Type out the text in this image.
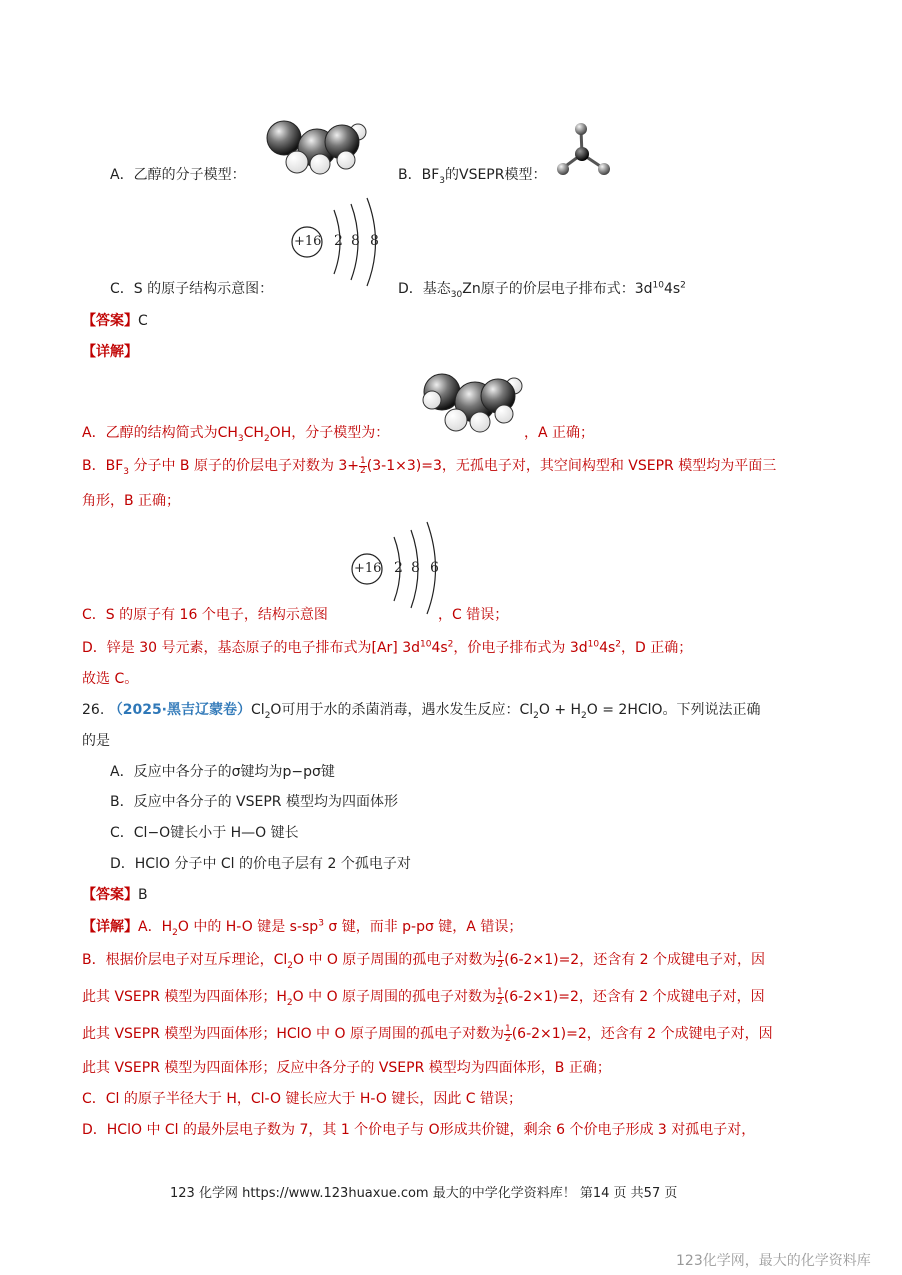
A．乙醇的分子模型：	B．$BF_3$的VSEPR模型：
+16 2 8 8
C．S 的原子结构示意图：	D．基态$_{30}$Zn原子的价层电子排布式：$3d^{10}4s^2$
【答案】C
【详解】
A．乙醇的结构简式为$CH_3CH_2OH$，分子模型为：	，A 正确；
B．$BF_3$ 分子中 B 原子的价层电子对数为 $3+ \frac{1}{2} (3-1\times 3)=3$，无孤电子对，其空间构型和 VSEPR 模型均为平面三
角形，B 正确；
+16 2 8 6
C．S 的原子有 16 个电子，结构示意图	，C 错误；
D．锌是 30 号元素，基态原子的电子排布式为[Ar] $3d^{10}4s^2$，价电子排布式为 $3d^{10}4s^2$，D 正确；
故选 C。
26. （2025·黑吉辽蒙卷）$Cl_2O$可用于水的杀菌消毒，遇水发生反应：$Cl_2O + H_2O$ = 2HClO。下列说法正确
的是
A．反应中各分子的σ键均为p−pσ键
B．反应中各分子的 VSEPR 模型均为四面体形
C．Cl−O键长小于 H—O 键长
D．HClO 分子中 Cl 的价电子层有 2 个孤电子对
【答案】B
【详解】A．$H_2O$ 中的 H-O 键是 $s-sp^3$ σ 键，而非 p-pσ 键，A 错误；
B．根据价层电子对互斥理论，$Cl_2O$ 中 O 原子周围的孤电子对数为 $\frac{1}{2} (6-2\times 1)=2$，还含有 2 个成键电子对，因
此其 VSEPR 模型为四面体形；$H_2O$ 中 O 原子周围的孤电子对数为 $\frac{1}{2} (6-2\times 1)=2$，还含有 2 个成键电子对，因
此其 VSEPR 模型为四面体形；HClO 中 O 原子周围的孤电子对数为 $\frac{1}{2} (6-2\times 1)=2$，还含有 2 个成键电子对，因
此其 VSEPR 模型为四面体形；反应中各分子的 VSEPR 模型均为四面体形，B 正确；
C．Cl 的原子半径大于 H，Cl-O 键长应大于 H-O 键长，因此 C 错误；
D．HClO 中 Cl 的最外层电子数为 7，其 1 个价电子与 O形成共价键，剩余 6 个价电子形成 3 对孤电子对，
123 化学网 https://www.123huaxue.com 最大的中学化学资料库！ 第14 页 共57 页
123化学网，最大的化学资料库
